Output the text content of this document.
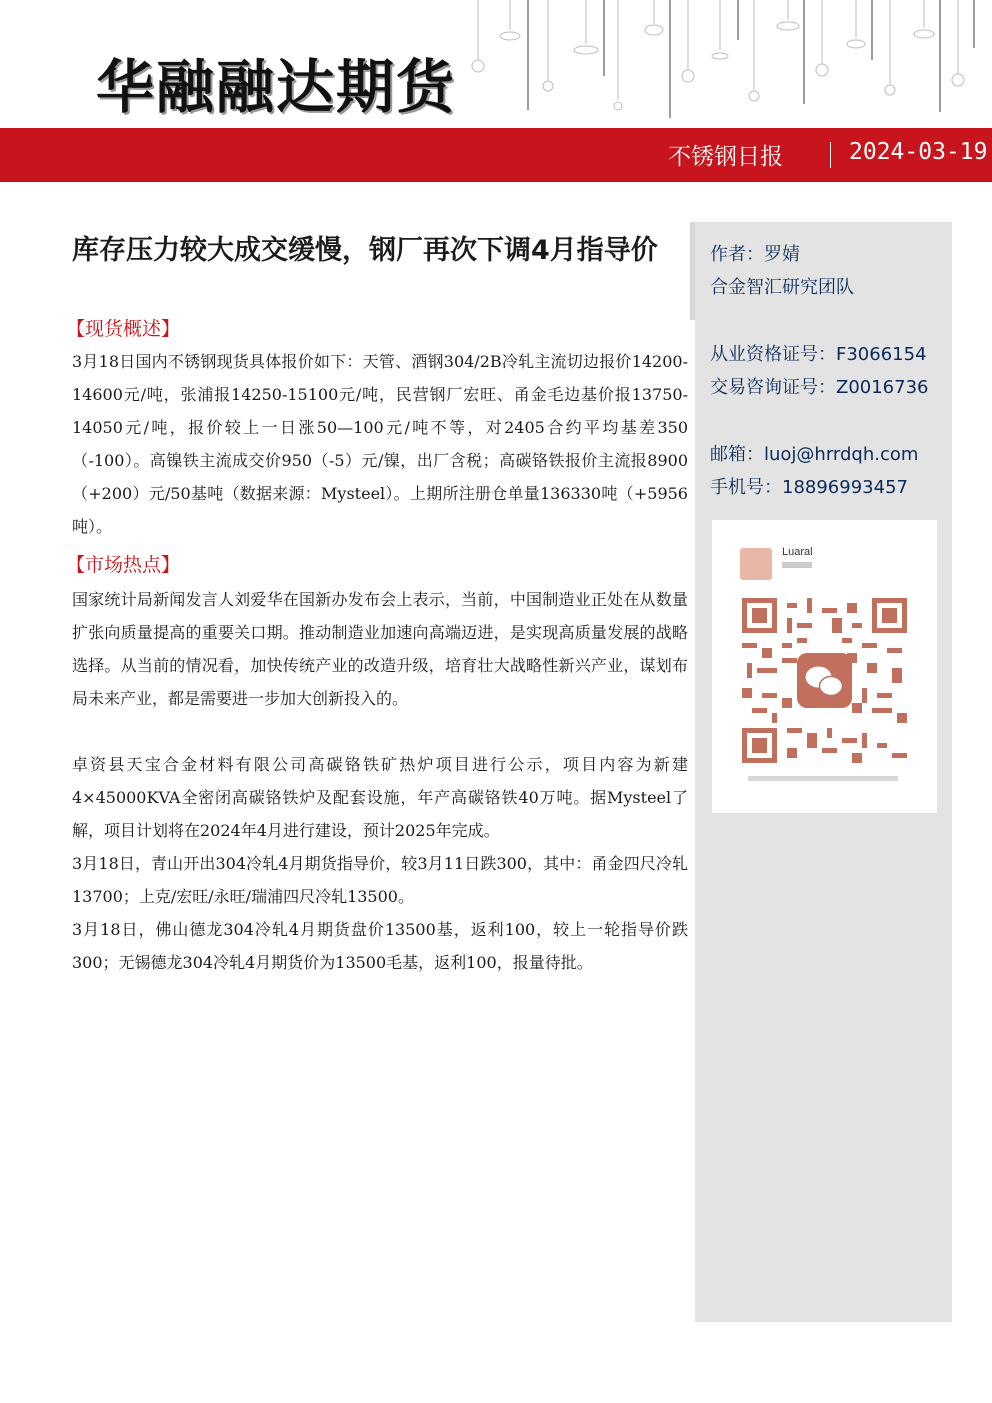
华融融达期货
不锈钢日报	2024-03-19
作者：罗婧
合金智汇研究团队
从业资格证号：F3066154
交易咨询证号：Z0016736
邮箱：luoj@hrrdqh.com
手机号：18896993457
Luaral
库存压力较大成交缓慢，钢厂再次下调4月指导价
【现货概述】
3月18日国内不锈钢现货具体报价如下：天管、酒钢304/2B冷轧主流切边报价14200-14600元/吨，张浦报14250-15100元/吨，民营钢厂宏旺、甬金毛边基价报13750-14050元/吨，报价较上一日涨50—100元/吨不等，对2405合约平均基差350（-100）。高镍铁主流成交价950（-5）元/镍，出厂含税；高碳铬铁报价主流报8900（+200）元/50基吨（数据来源：Mysteel）。上期所注册仓单量136330吨（+5956吨）。
【市场热点】
国家统计局新闻发言人刘爱华在国新办发布会上表示，当前，中国制造业正处在从数量扩张向质量提高的重要关口期。推动制造业加速向高端迈进，是实现高质量发展的战略选择。从当前的情况看，加快传统产业的改造升级，培育壮大战略性新兴产业，谋划布局未来产业，都是需要进一步加大创新投入的。
卓资县天宝合金材料有限公司高碳铬铁矿热炉项目进行公示，项目内容为新建4×45000KVA全密闭高碳铬铁炉及配套设施，年产高碳铬铁40万吨。据Mysteel了解，项目计划将在2024年4月进行建设，预计2025年完成。
3月18日，青山开出304冷轧4月期货指导价，较3月11日跌300，其中：甬金四尺冷轧13700；上克/宏旺/永旺/瑞浦四尺冷轧13500。
3月18日，佛山德龙304冷轧4月期货盘价13500基，返利100，较上一轮指导价跌300；无锡德龙304冷轧4月期货价为13500毛基，返利100，报量待批。
